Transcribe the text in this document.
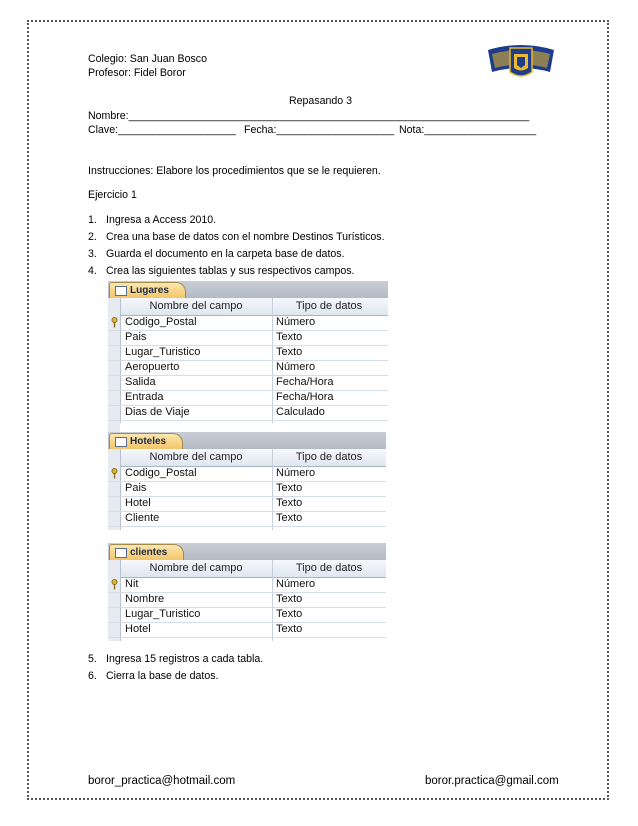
Colegio: San Juan Bosco
Profesor: Fidel Boror
Repasando 3
Nombre:____________________________________________________________________
Clave:____________________ Fecha:____________________ Nota:___________________
Instrucciones: Elabore los procedimientos que se le requieren.
Ejercicio 1
1. Ingresa a Access 2010.
2. Crea una base de datos con el nombre Destinos Turísticos.
3. Guarda el documento en la carpeta base de datos.
4. Crea las siguientes tablas y sus respectivos campos.
Lugares
Nombre del campo	Tipo de datos
Codigo_Postal	Número
Pais	Texto
Lugar_Turistico	Texto
Aeropuerto	Número
Salida	Fecha/Hora
Entrada	Fecha/Hora
Dias de Viaje	Calculado
Hoteles
Nombre del campo	Tipo de datos
Codigo_Postal	Número
Pais	Texto
Hotel	Texto
Cliente	Texto
clientes
Nombre del campo	Tipo de datos
Nit	Número
Nombre	Texto
Lugar_Turistico	Texto
Hotel	Texto
5. Ingresa 15 registros a cada tabla.
6. Cierra la base de datos.
boror_practica@hotmail.com	boror.practica@gmail.com
